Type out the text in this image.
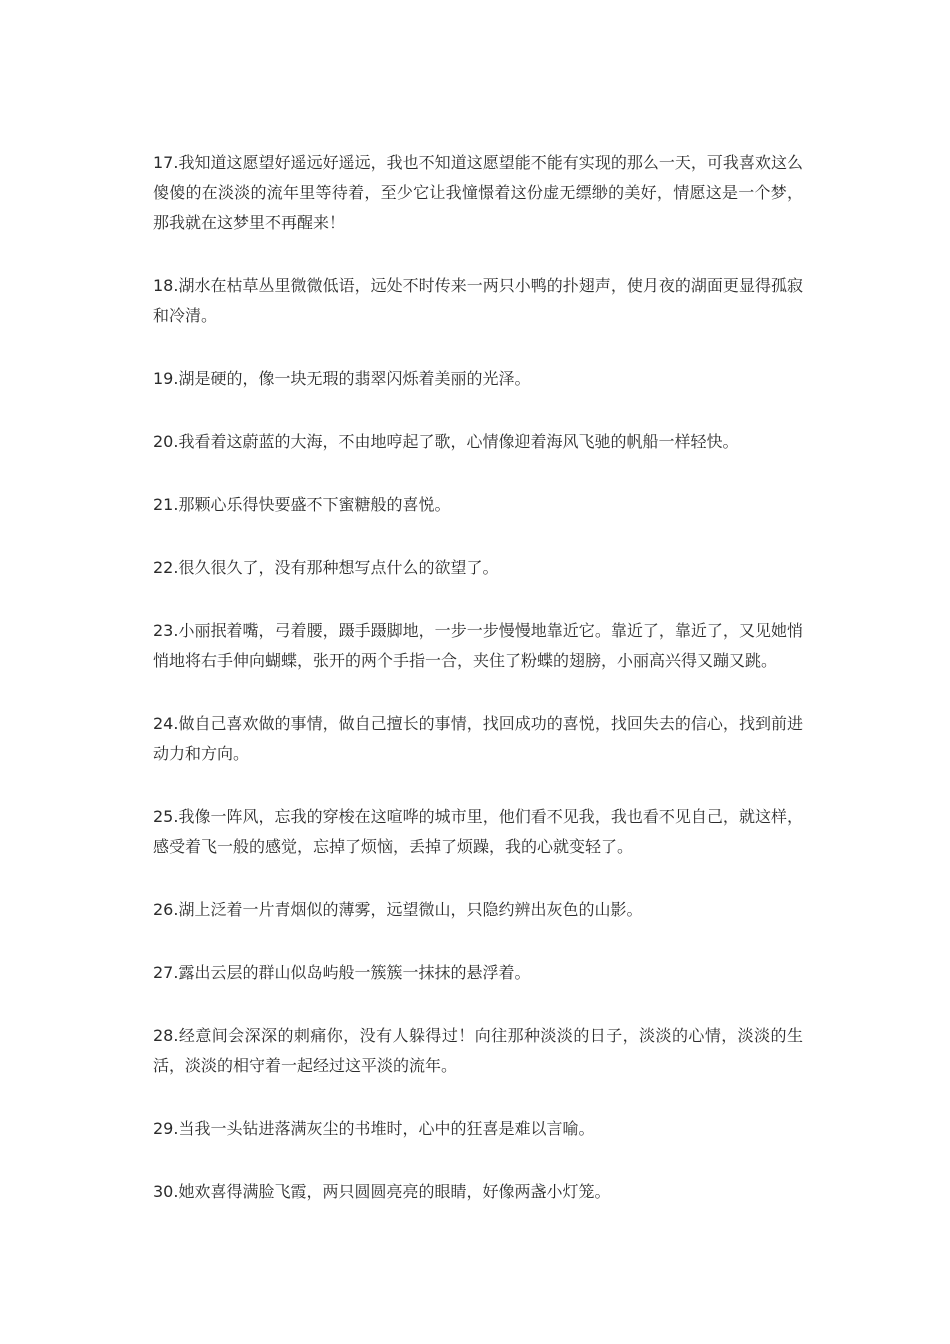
17.我知道这愿望好遥远好遥远，我也不知道这愿望能不能有实现的那么一天，可我喜欢这么傻傻的在淡淡的流年里等待着，至少它让我憧憬着这份虚无缥缈的美好，情愿这是一个梦，那我就在这梦里不再醒来！

18.湖水在枯草丛里微微低语，远处不时传来一两只小鸭的扑翅声，使月夜的湖面更显得孤寂和冷清。

19.湖是硬的，像一块无瑕的翡翠闪烁着美丽的光泽。

20.我看着这蔚蓝的大海，不由地哼起了歌，心情像迎着海风飞驰的帆船一样轻快。

21.那颗心乐得快要盛不下蜜糖般的喜悦。

22.很久很久了，没有那种想写点什么的欲望了。

23.小丽抿着嘴，弓着腰，蹑手蹑脚地，一步一步慢慢地靠近它。靠近了，靠近了，又见她悄悄地将右手伸向蝴蝶，张开的两个手指一合，夹住了粉蝶的翅膀，小丽高兴得又蹦又跳。

24.做自己喜欢做的事情，做自己擅长的事情，找回成功的喜悦，找回失去的信心，找到前进动力和方向。

25.我像一阵风，忘我的穿梭在这喧哗的城市里，他们看不见我，我也看不见自己，就这样，感受着飞一般的感觉，忘掉了烦恼，丢掉了烦躁，我的心就变轻了。

26.湖上泛着一片青烟似的薄雾，远望微山，只隐约辨出灰色的山影。

27.露出云层的群山似岛屿般一簇簇一抹抹的悬浮着。

28.经意间会深深的刺痛你，没有人躲得过！向往那种淡淡的日子，淡淡的心情，淡淡的生活，淡淡的相守着一起经过这平淡的流年。

29.当我一头钻进落满灰尘的书堆时，心中的狂喜是难以言喻。

30.她欢喜得满脸飞霞，两只圆圆亮亮的眼睛，好像两盏小灯笼。
